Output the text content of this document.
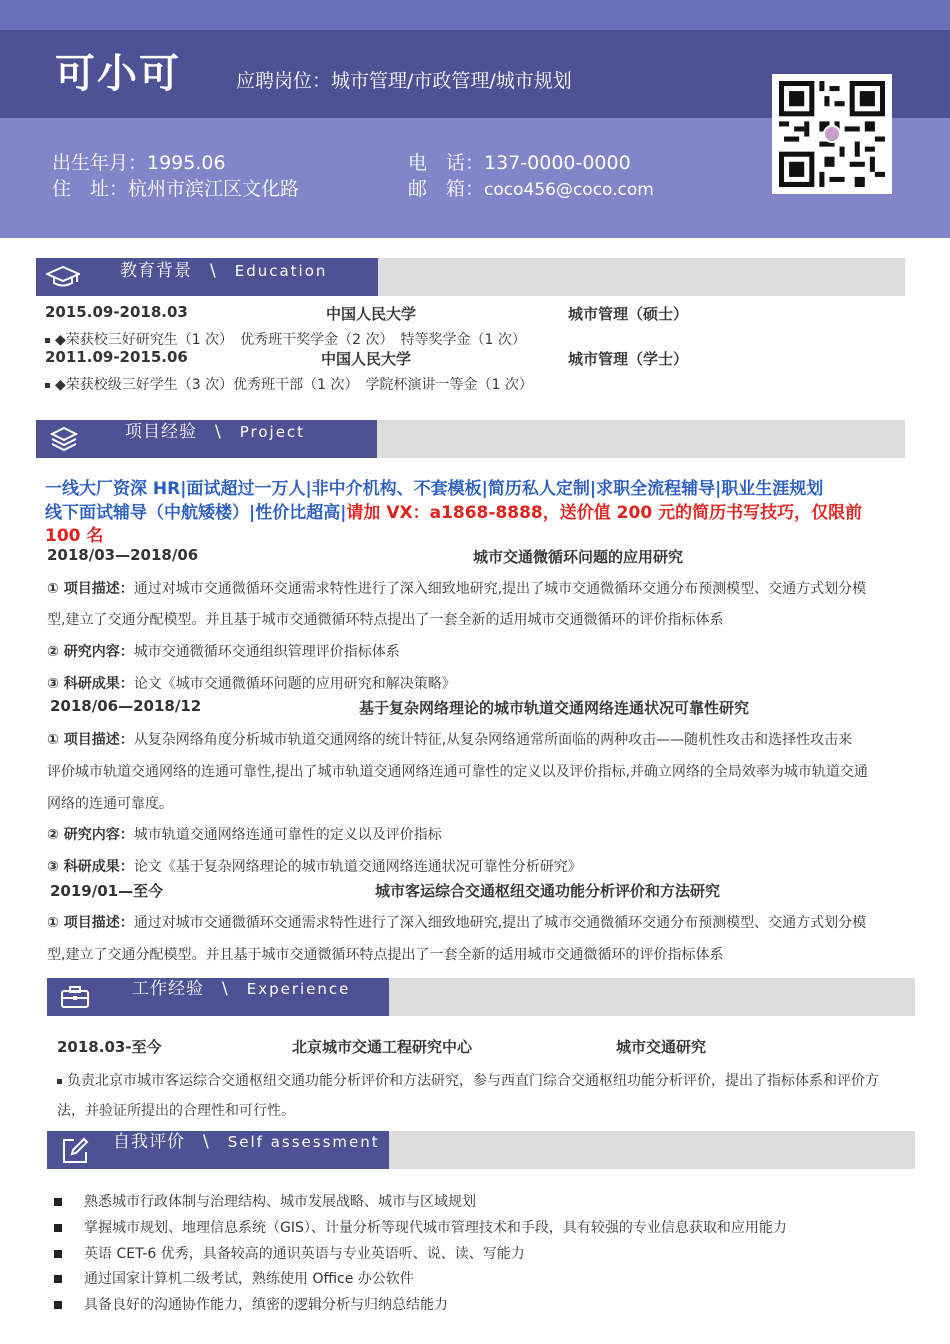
可小可	应聘岗位：城市管理/市政管理/城市规划
出生年月：1995.06
住　址：杭州市滨江区文化路
电　话：137-0000-0000
邮　箱：coco456@coco.com
教育背景　 \　 Education
2015.09-2018.03	中国人民大学	城市管理（硕士）
◆荣获校三好研究生（1 次）　优秀班干奖学金（2 次）　特等奖学金（1 次）
2011.09-2015.06	中国人民大学	城市管理（学士）
◆荣获校级三好学生（3 次）优秀班干部（1 次）　学院杯演讲一等金（1 次）
项目经验　 \　 Project
一线大厂资深 HR|面试超过一万人|非中介机构、不套模板|简历私人定制|求职全流程辅导|职业生涯规划
线下面试辅导（中航矮楼）|性价比超高|请加 VX：a1868-8888，送价值 200 元的简历书写技巧，仅限前
100 名
2018/03—2018/06	城市交通微循环问题的应用研究
① 项目描述：通过对城市交通微循环交通需求特性进行了深入细致地研究,提出了城市交通微循环交通分布预测模型、交通方式划分模
型,建立了交通分配模型。并且基于城市交通微循环特点提出了一套全新的适用城市交通微循环的评价指标体系
② 研究内容：城市交通微循环交通组织管理评价指标体系
③ 科研成果：论文《城市交通微循环问题的应用研究和解决策略》
2018/06—2018/12	基于复杂网络理论的城市轨道交通网络连通状况可靠性研究
① 项目描述：从复杂网络角度分析城市轨道交通网络的统计特征,从复杂网络通常所面临的两种攻击——随机性攻击和选择性攻击来
评价城市轨道交通网络的连通可靠性,提出了城市轨道交通网络连通可靠性的定义以及评价指标,并确立网络的全局效率为城市轨道交通
网络的连通可靠度。
② 研究内容：城市轨道交通网络连通可靠性的定义以及评价指标
③ 科研成果：论文《基于复杂网络理论的城市轨道交通网络连通状况可靠性分析研究》
2019/01—至今	城市客运综合交通枢纽交通功能分析评价和方法研究
① 项目描述：通过对城市交通微循环交通需求特性进行了深入细致地研究,提出了城市交通微循环交通分布预测模型、交通方式划分模
型,建立了交通分配模型。并且基于城市交通微循环特点提出了一套全新的适用城市交通微循环的评价指标体系
工作经验　 \　 Experience
2018.03-至今	北京城市交通工程研究中心	城市交通研究
负责北京市城市客运综合交通枢纽交通功能分析评价和方法研究，参与西直门综合交通枢纽功能分析评价，提出了指标体系和评价方
法，并验证所提出的合理性和可行性。
自我评价　 \　 Self assessment
熟悉城市行政体制与治理结构、城市发展战略、城市与区域规划
掌握城市规划、地理信息系统（GIS）、计量分析等现代城市管理技术和手段，具有较强的专业信息获取和应用能力
英语 CET-6 优秀，具备较高的通识英语与专业英语听、说、读、写能力
通过国家计算机二级考试，熟练使用 Office 办公软件
具备良好的沟通协作能力，缜密的逻辑分析与归纳总结能力
